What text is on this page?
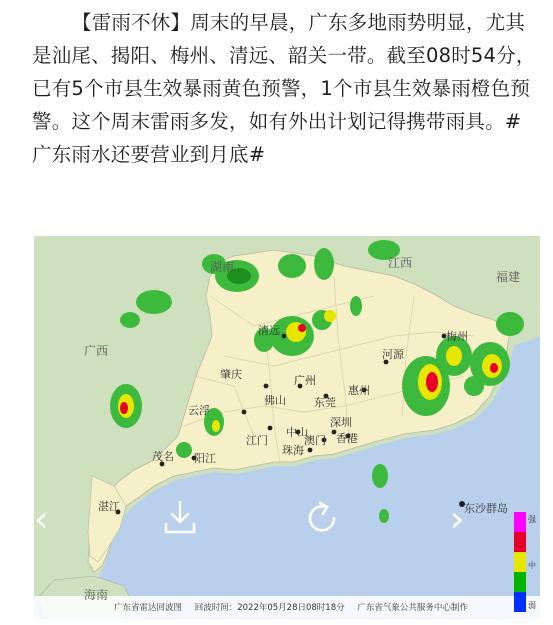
【雷雨不休】周末的早晨，广东多地雨势明显，尤其是汕尾、揭阳、梅州、清远、韶关一带。截至08时54分，已有5个市县生效暴雨黄色预警，1个市县生效暴雨橙色预警。这个周末雷雨多发，如有外出计划记得携带雨具。#广东雨水还要营业到月底#

‹	›
湖南	江西
福建
广西
清远	梅州
河源
广州
肇庆
佛山	东莞
惠州
云浮
江门
中山
深圳
珠海
澳门 香港
茂名 阳江
湛江	东沙群岛
海南
强
中
弱
广东省雷达回波图 回波时间：2022年05月28日08时18分 广东省气象公共服务中心制作
